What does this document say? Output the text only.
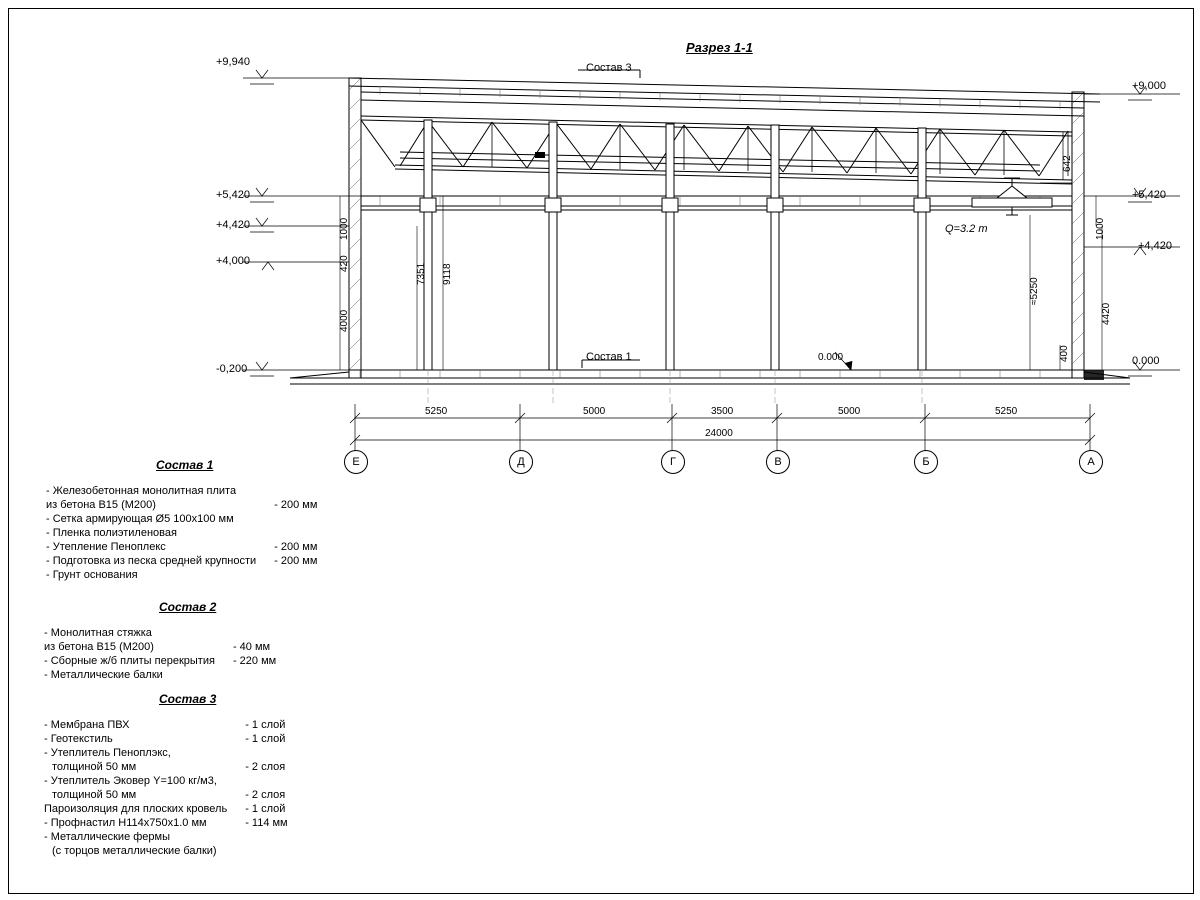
Разрез 1-1
Состав 3
Состав 1
Q=3.2 m
+9,940
+5,420
+4,420
+4,000
-0,200
+9,000
+5,420
+4,420
0.000
1000
420
4000
7351 9118
642
1000
4420
400
≈5250
0.000
5250	5000	3500	5000	5250
24000
Е	Д	Г	В	Б	А
Состав 1
- Железобетонная монолитная плита	
из бетона В15 (М200)	- 200 мм
- Сетка армирующая Ø5 100х100 мм	
- Пленка полиэтиленовая	
- Утепление Пеноплекс	- 200 мм
- Подготовка из песка средней крупности	- 200 мм
- Грунт основания	
Состав 2
- Монолитная стяжка	
из бетона В15 (М200)	- 40 мм
- Сборные ж/б плиты перекрытия	- 220 мм
- Металлические балки	
Состав 3
- Мембрана ПВХ	- 1 слой
- Геотекстиль	- 1 слой
- Утеплитель Пеноплэкс,	
толщиной 50 мм	- 2 слоя
- Утеплитель Эковер Y=100 кг/м3,	
толщиной 50 мм	- 2 слоя
Пароизоляция для плоских кровель	- 1 слой
- Профнастил Н114х750х1.0 мм	- 114 мм
- Металлические фермы	
(с торцов металлические балки)	
